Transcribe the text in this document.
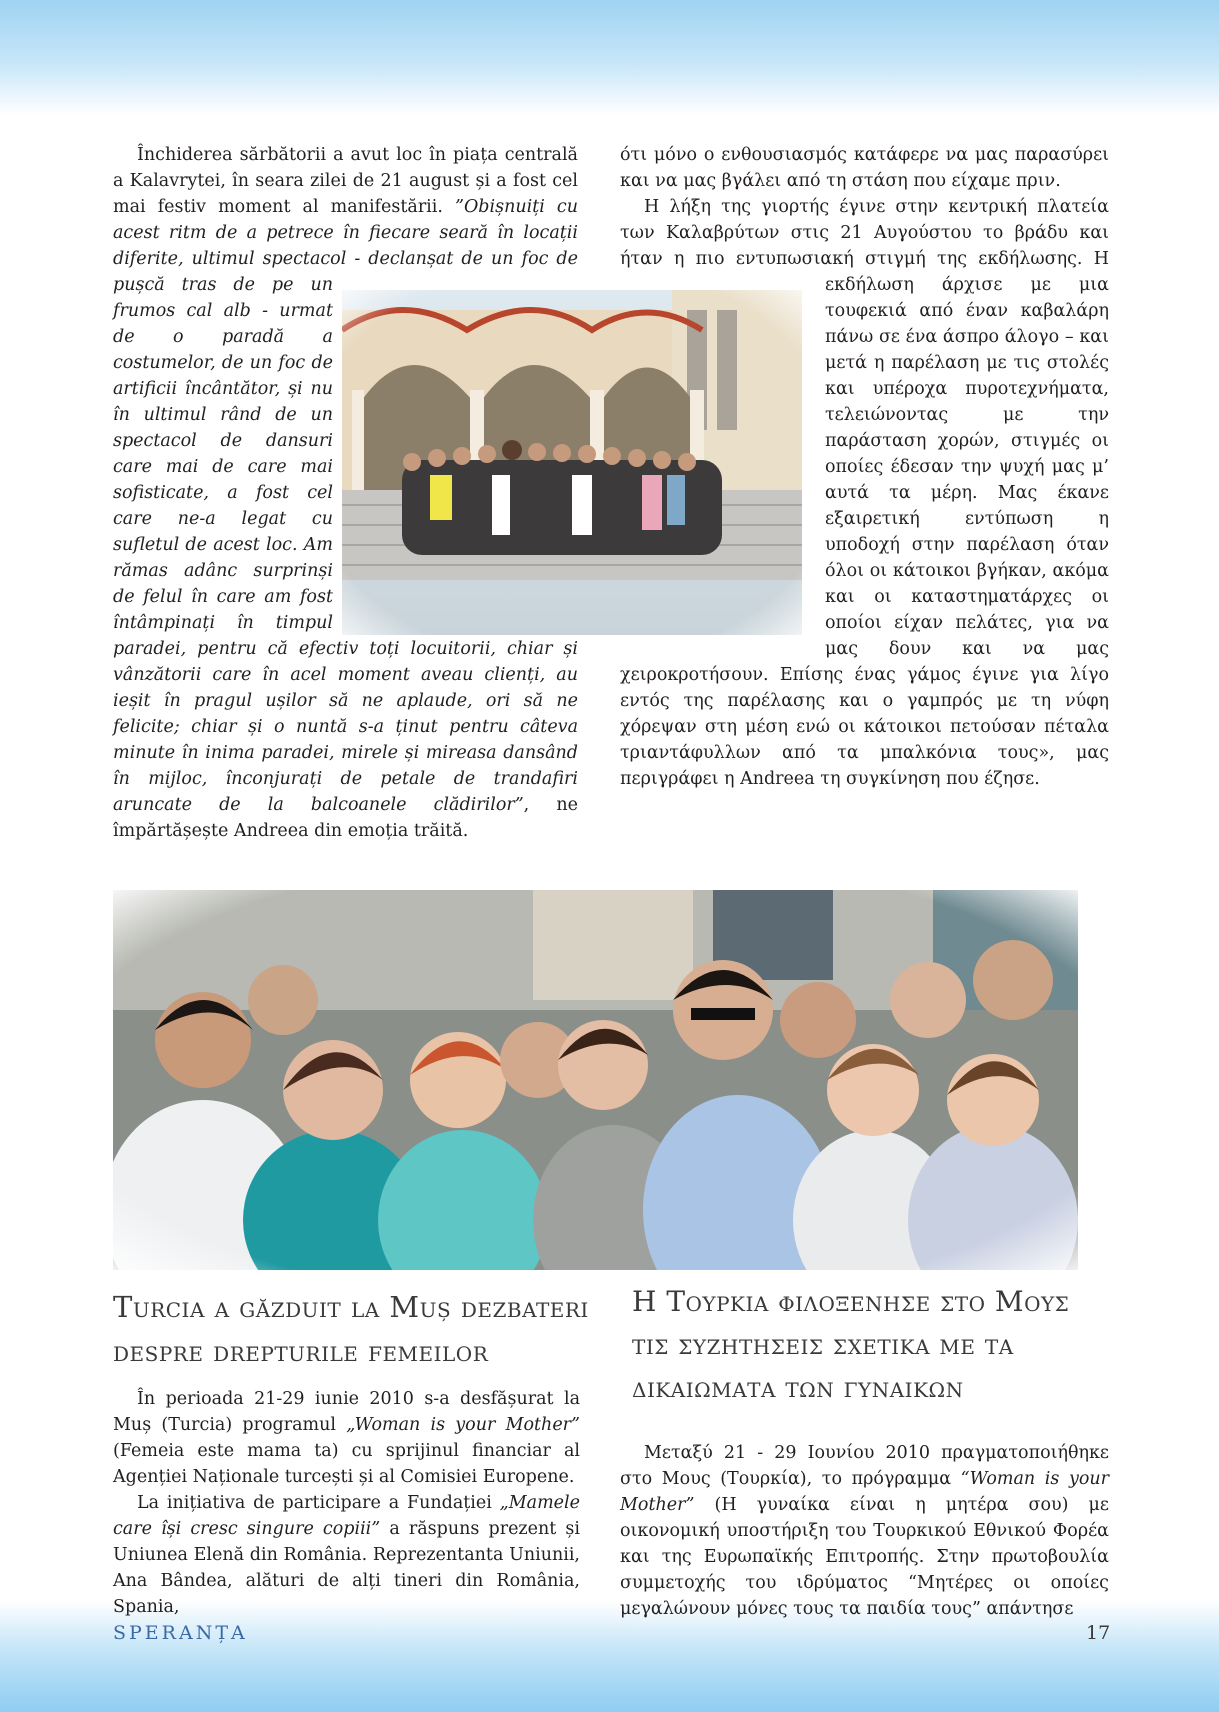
Închiderea sărbătorii a avut loc în piața centrală a Kalavrytei, în seara zilei de 21 august și a fost cel mai festiv moment al manifestării. ”Obișnuiți cu acest ritm de a petrece în fiecare seară în locații diferite, ultimul spectacol - declanșat de un foc de pușcă tras de pe un frumos cal alb - urmat de o paradă a costumelor, de un foc de artificii încântător, și nu în ultimul rând de un spectacol de dansuri care mai de care mai sofisticate, a fost cel care ne-a legat cu sufletul de acest loc. Am rămas adânc surprinși de felul în care am fost întâmpinați în timpul paradei, pentru că efectiv toți locuitorii, chiar și vânzătorii care în acel moment aveau clienți, au ieșit în pragul ușilor să ne aplaude, ori să ne felicite; chiar și o nuntă s-a ținut pentru câteva minute în inima paradei, mirele și mireasa dansând în mijloc, înconjurați de petale de trandafiri aruncate de la balcoanele clădirilor”, ne împărtășește Andreea din emoția trăită.

ότι μόνο ο ενθουσιασμός κατάφερε να μας παρασύρει και να μας βγάλει από τη στάση που είχαμε πριν.

Η λήξη της γιορτής έγινε στην κεντρική πλατεία των Καλαβρύτων στις 21 Αυγούστου το βράδυ και ήταν η πιο εντυπωσιακή στιγμή της εκδήλωσης. Η εκδήλωση άρχισε με μια τουφεκιά από έναν καβαλάρη πάνω σε ένα άσπρο άλογο – και μετά η παρέλαση με τις στολές και υπέροχα πυροτεχνήματα, τελειώνοντας με την παράσταση χορών, στιγμές οι οποίες έδεσαν την ψυχή μας μ’ αυτά τα μέρη. Μας έκανε εξαιρετική εντύπωση η υποδοχή στην παρέλαση όταν όλοι οι κάτοικοι βγήκαν, ακόμα και οι καταστηματάρχες οι οποίοι είχαν πελάτες, για να μας δουν και να μας χειροκροτήσουν. Επίσης ένας γάμος έγινε για λίγο εντός της παρέλασης και ο γαμπρός με τη νύφη χόρεψαν στη μέση ενώ οι κάτοικοι πετούσαν πέταλα τριαντάφυλλων από τα μπαλκόνια τους», μας περιγράφει η Andreea τη συγκίνηση που έζησε.

Turcia a găzduit la Muș dezbateri despre drepturile femeilor
Η Τουρκια φιλοξενησε στο Μους τις συζητησεις σχετικα με τα δικαιωματα των γυναικων

În perioada 21-29 iunie 2010 s-a desfășurat la Muș (Turcia) programul „Woman is your Mother” (Femeia este mama ta) cu sprijinul financiar al Agenției Naționale turcești și al Comisiei Europene.

La inițiativa de participare a Fundației „Mamele care își cresc singure copiii” a răspuns prezent și Uniunea Elenă din România. Reprezentanta Uniunii, Ana Bândea, alături de alți tineri din România, Spania,

Μεταξύ 21 - 29 Ιουνίου 2010 πραγματοποιήθηκε στο Μους (Τουρκία), το πρόγραμμα “Woman is your Mother” (Η γυναίκα είναι η μητέρα σου) με οικονομική υποστήριξη του Τουρκικού Εθνικού Φορέα και της Ευρωπαϊκής Επιτροπής. Στην πρωτοβουλία συμμετοχής του ιδρύματος “Μητέρες οι οποίες μεγαλώνουν μόνες τους τα παιδία τους” απάντησε

SPERANȚA	17
